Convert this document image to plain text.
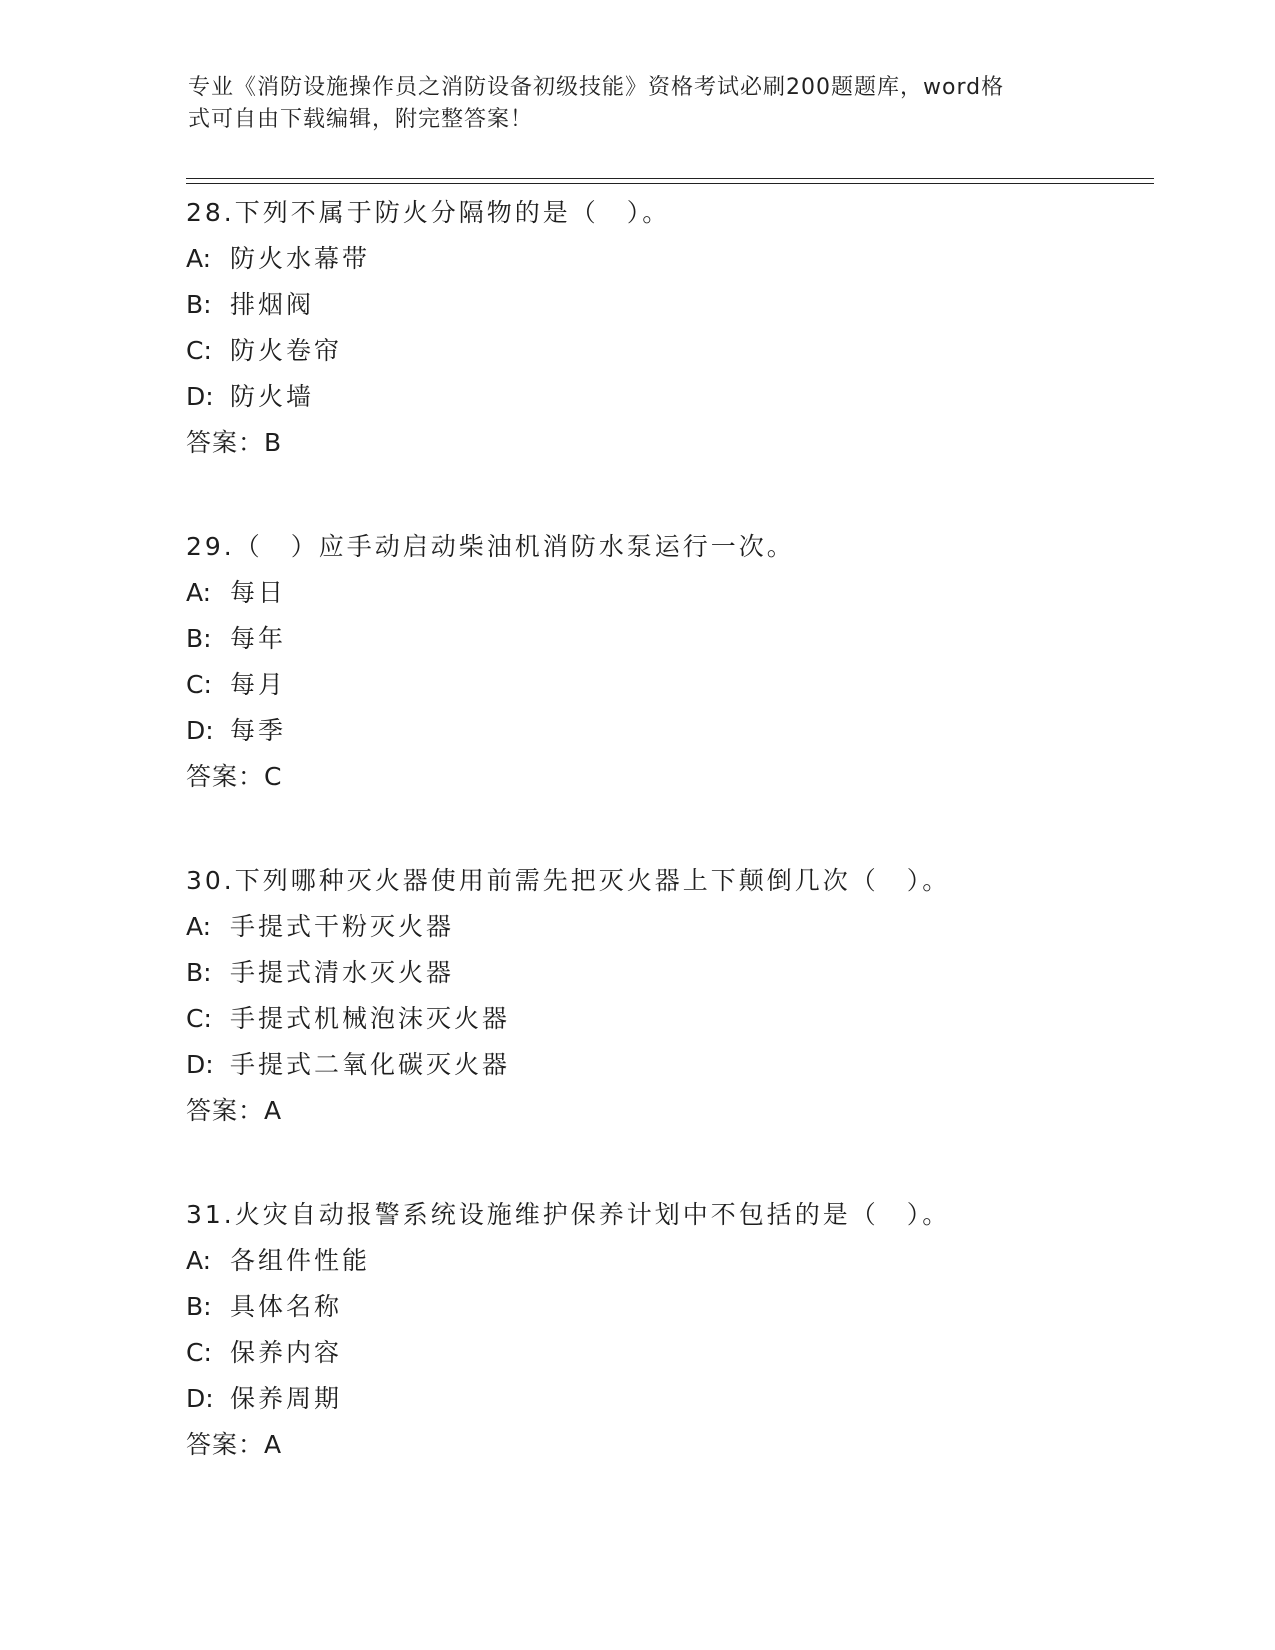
专业《消防设施操作员之消防设备初级技能》资格考试必刷200题题库，word格
式可自由下载编辑，附完整答案！
28.下列不属于防火分隔物的是（　）。
A: 防火水幕带
B: 排烟阀
C: 防火卷帘
D: 防火墙
答案：B
29.（　）应手动启动柴油机消防水泵运行一次。
A: 每日
B: 每年
C: 每月
D: 每季
答案：C
30.下列哪种灭火器使用前需先把灭火器上下颠倒几次（　）。
A: 手提式干粉灭火器
B: 手提式清水灭火器
C: 手提式机械泡沫灭火器
D: 手提式二氧化碳灭火器
答案：A
31.火灾自动报警系统设施维护保养计划中不包括的是（　）。
A: 各组件性能
B: 具体名称
C: 保养内容
D: 保养周期
答案：A
